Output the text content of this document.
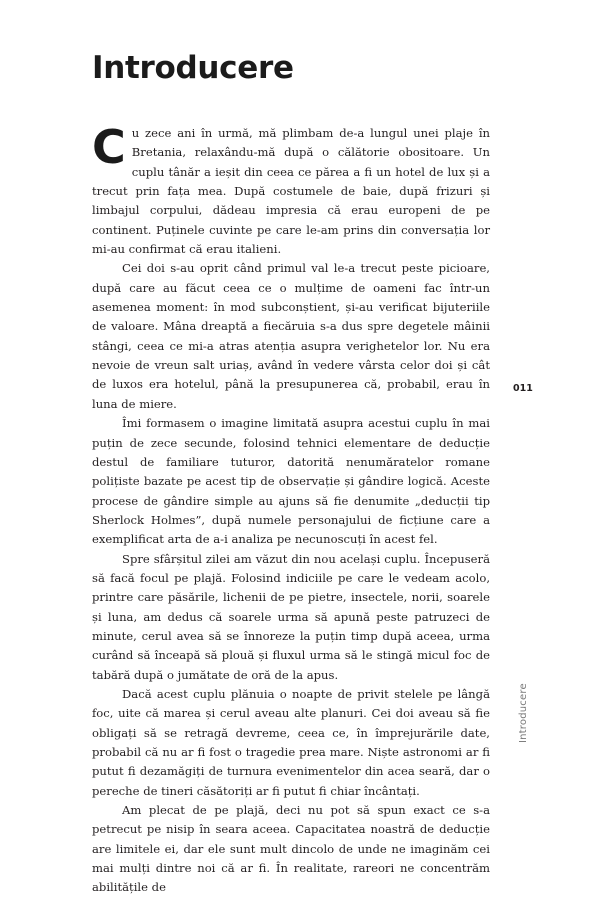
Introducere

Cu zece ani în urmă, mă plimbam de-a lungul unei plaje în Bretania, relaxându-mă după o călătorie obositoare. Un cuplu tânăr a ieșit din ceea ce părea a fi un hotel de lux și a trecut prin fața mea. După costumele de baie, după frizuri și limbajul corpului, dădeau impresia că erau europeni de pe continent. Puținele cuvinte pe care le-am prins din conversația lor mi-au confirmat că erau italieni.

Cei doi s-au oprit când primul val le-a trecut peste picioare, după care au făcut ceea ce o mulțime de oameni fac într-un asemenea moment: în mod subconștient, și-au verificat bijuteriile de valoare. Mâna dreaptă a fiecăruia s-a dus spre degetele mâinii stângi, ceea ce mi-a atras atenția asupra verighetelor lor. Nu era nevoie de vreun salt uriaș, având în vedere vârsta celor doi și cât de luxos era hotelul, până la presupunerea că, probabil, erau în luna de miere.

Îmi formasem o imagine limitată asupra acestui cuplu în mai puțin de zece secunde, folosind tehnici elementare de deducție destul de familiare tuturor, datorită nenumăratelor romane polițiste bazate pe acest tip de observație și gândire logică. Aceste procese de gândire simple au ajuns să fie denumite „deducții tip Sherlock Holmes”, după numele personajului de ficțiune care a exemplificat arta de a-i analiza pe necunoscuți în acest fel.

Spre sfârșitul zilei am văzut din nou același cuplu. Începuseră să facă focul pe plajă. Folosind indiciile pe care le vedeam acolo, printre care păsările, lichenii de pe pietre, insectele, norii, soarele și luna, am dedus că soarele urma să apună peste patruzeci de minute, cerul avea să se înnoreze la puțin timp după aceea, urma curând să înceapă să plouă și fluxul urma să le stingă micul foc de tabără după o jumătate de oră de la apus.

Dacă acest cuplu plănuia o noapte de privit stelele pe lângă foc, uite că marea și cerul aveau alte planuri. Cei doi aveau să fie obligați să se retragă devreme, ceea ce, în împrejurările date, probabil că nu ar fi fost o tragedie prea mare. Niște astronomi ar fi putut fi dezamăgiți de turnura evenimentelor din acea seară, dar o pereche de tineri căsătoriți ar fi putut fi chiar încântați.

Am plecat de pe plajă, deci nu pot să spun exact ce s-a petrecut pe nisip în seara aceea. Capacitatea noastră de deducție are limitele ei, dar ele sunt mult dincolo de unde ne imaginăm cei mai mulți dintre noi că ar fi. În realitate, rareori ne concentrăm abilitățile de

011
Introducere
